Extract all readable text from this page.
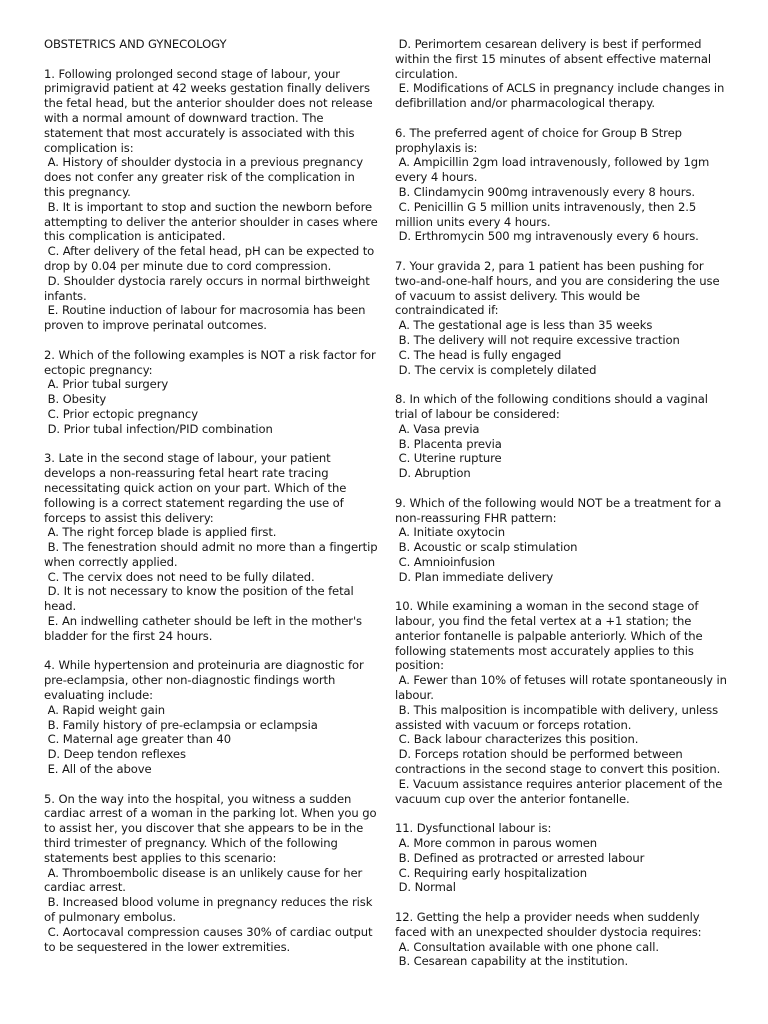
OBSTETRICS AND GYNECOLOGY
1. Following prolonged second stage of labour, your
primigravid patient at 42 weeks gestation finally delivers
the fetal head, but the anterior shoulder does not release
with a normal amount of downward traction. The
statement that most accurately is associated with this
complication is:
A. History of shoulder dystocia in a previous pregnancy
does not confer any greater risk of the complication in
this pregnancy.
B. It is important to stop and suction the newborn before
attempting to deliver the anterior shoulder in cases where
this complication is anticipated.
C. After delivery of the fetal head, pH can be expected to
drop by 0.04 per minute due to cord compression.
D. Shoulder dystocia rarely occurs in normal birthweight
infants.
E. Routine induction of labour for macrosomia has been
proven to improve perinatal outcomes.
2. Which of the following examples is NOT a risk factor for
ectopic pregnancy:
A. Prior tubal surgery
B. Obesity
C. Prior ectopic pregnancy
D. Prior tubal infection/PID combination
3. Late in the second stage of labour, your patient
develops a non-reassuring fetal heart rate tracing
necessitating quick action on your part. Which of the
following is a correct statement regarding the use of
forceps to assist this delivery:
A. The right forcep blade is applied first.
B. The fenestration should admit no more than a fingertip
when correctly applied.
C. The cervix does not need to be fully dilated.
D. It is not necessary to know the position of the fetal
head.
E. An indwelling catheter should be left in the mother's
bladder for the first 24 hours.
4. While hypertension and proteinuria are diagnostic for
pre-eclampsia, other non-diagnostic findings worth
evaluating include:
A. Rapid weight gain
B. Family history of pre-eclampsia or eclampsia
C. Maternal age greater than 40
D. Deep tendon reflexes
E. All of the above
5. On the way into the hospital, you witness a sudden
cardiac arrest of a woman in the parking lot. When you go
to assist her, you discover that she appears to be in the
third trimester of pregnancy. Which of the following
statements best applies to this scenario:
A. Thromboembolic disease is an unlikely cause for her
cardiac arrest.
B. Increased blood volume in pregnancy reduces the risk
of pulmonary embolus.
C. Aortocaval compression causes 30% of cardiac output
to be sequestered in the lower extremities.
D. Perimortem cesarean delivery is best if performed
within the first 15 minutes of absent effective maternal
circulation.
E. Modifications of ACLS in pregnancy include changes in
defibrillation and/or pharmacological therapy.
6. The preferred agent of choice for Group B Strep
prophylaxis is:
A. Ampicillin 2gm load intravenously, followed by 1gm
every 4 hours.
B. Clindamycin 900mg intravenously every 8 hours.
C. Penicillin G 5 million units intravenously, then 2.5
million units every 4 hours.
D. Erthromycin 500 mg intravenously every 6 hours.
7. Your gravida 2, para 1 patient has been pushing for
two-and-one-half hours, and you are considering the use
of vacuum to assist delivery. This would be
contraindicated if:
A. The gestational age is less than 35 weeks
B. The delivery will not require excessive traction
C. The head is fully engaged
D. The cervix is completely dilated
8. In which of the following conditions should a vaginal
trial of labour be considered:
A. Vasa previa
B. Placenta previa
C. Uterine rupture
D. Abruption
9. Which of the following would NOT be a treatment for a
non-reassuring FHR pattern:
A. Initiate oxytocin
B. Acoustic or scalp stimulation
C. Amnioinfusion
D. Plan immediate delivery
10. While examining a woman in the second stage of
labour, you find the fetal vertex at a +1 station; the
anterior fontanelle is palpable anteriorly. Which of the
following statements most accurately applies to this
position:
A. Fewer than 10% of fetuses will rotate spontaneously in
labour.
B. This malposition is incompatible with delivery, unless
assisted with vacuum or forceps rotation.
C. Back labour characterizes this position.
D. Forceps rotation should be performed between
contractions in the second stage to convert this position.
E. Vacuum assistance requires anterior placement of the
vacuum cup over the anterior fontanelle.
11. Dysfunctional labour is:
A. More common in parous women
B. Defined as protracted or arrested labour
C. Requiring early hospitalization
D. Normal
12. Getting the help a provider needs when suddenly
faced with an unexpected shoulder dystocia requires:
A. Consultation available with one phone call.
B. Cesarean capability at the institution.
